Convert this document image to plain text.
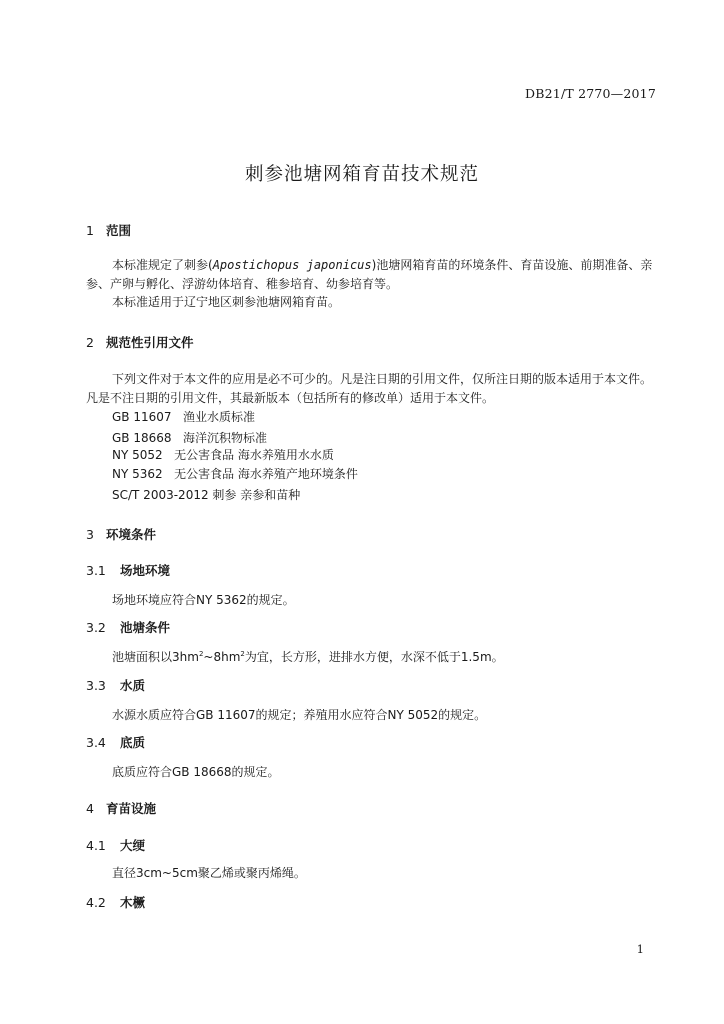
DB21/T 2770—2017
刺参池塘网箱育苗技术规范
1 范围
本标准规定了刺参(Apostichopus japonicus)池塘网箱育苗的环境条件、育苗设施、前期准备、亲参、产卵与孵化、浮游幼体培育、稚参培育、幼参培育等。
本标准适用于辽宁地区刺参池塘网箱育苗。
2 规范性引用文件
下列文件对于本文件的应用是必不可少的。凡是注日期的引用文件，仅所注日期的版本适用于本文件。凡是不注日期的引用文件，其最新版本（包括所有的修改单）适用于本文件。
GB 11607   渔业水质标准
GB 18668   海洋沉积物标准
NY 5052   无公害食品 海水养殖用水水质
NY 5362   无公害食品 海水养殖产地环境条件
SC/T 2003-2012 刺参 亲参和苗种
3 环境条件
3.1 场地环境
场地环境应符合NY 5362的规定。
3.2 池塘条件
池塘面积以$3hm^2\sim 8hm^2$为宜，长方形，进排水方便，水深不低于1.5m。
3.3 水质
水源水质应符合GB 11607的规定；养殖用水应符合NY 5052的规定。
3.4 底质
底质应符合GB 18668的规定。
4 育苗设施
4.1 大绠
直径3cm~5cm聚乙烯或聚丙烯绳。
4.2 木橛
1
